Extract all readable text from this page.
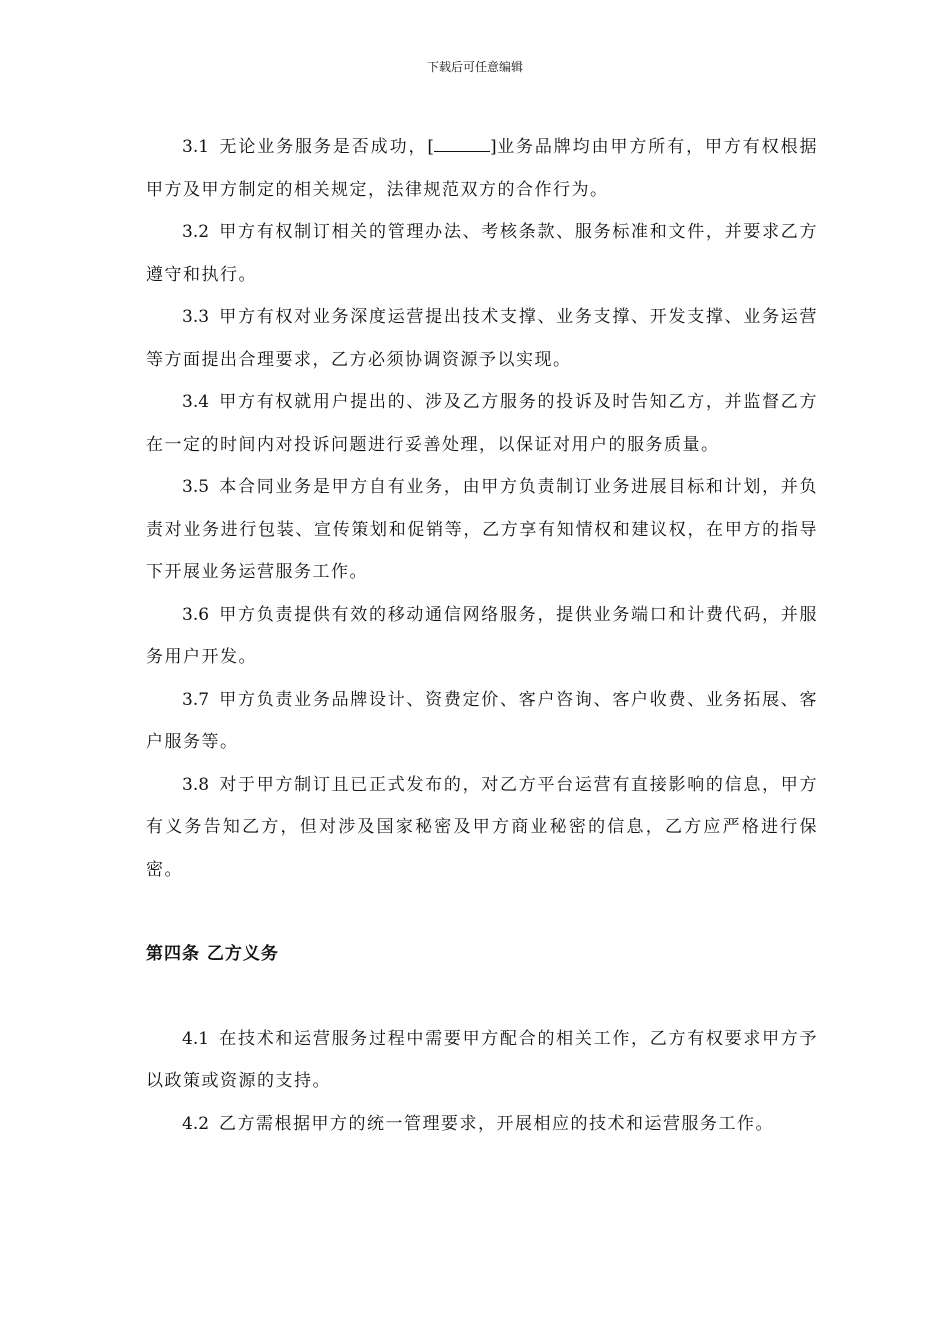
下载后可任意编辑

3.1 无论业务服务是否成功，[	]业务品牌均由甲方所有，甲方有权根据甲方及甲方制定的相关规定，法律规范双方的合作行为。

3.2 甲方有权制订相关的管理办法、考核条款、服务标准和文件，并要求乙方遵守和执行。

3.3 甲方有权对业务深度运营提出技术支撑、业务支撑、开发支撑、业务运营等方面提出合理要求，乙方必须协调资源予以实现。

3.4 甲方有权就用户提出的、涉及乙方服务的投诉及时告知乙方，并监督乙方在一定的时间内对投诉问题进行妥善处理，以保证对用户的服务质量。

3.5 本合同业务是甲方自有业务，由甲方负责制订业务进展目标和计划，并负责对业务进行包装、宣传策划和促销等，乙方享有知情权和建议权，在甲方的指导下开展业务运营服务工作。

3.6 甲方负责提供有效的移动通信网络服务，提供业务端口和计费代码，并服务用户开发。

3.7 甲方负责业务品牌设计、资费定价、客户咨询、客户收费、业务拓展、客户服务等。

3.8 对于甲方制订且已正式发布的，对乙方平台运营有直接影响的信息，甲方有义务告知乙方，但对涉及国家秘密及甲方商业秘密的信息，乙方应严格进行保密。

第四条 乙方义务

4.1 在技术和运营服务过程中需要甲方配合的相关工作，乙方有权要求甲方予以政策或资源的支持。

4.2 乙方需根据甲方的统一管理要求，开展相应的技术和运营服务工作。
